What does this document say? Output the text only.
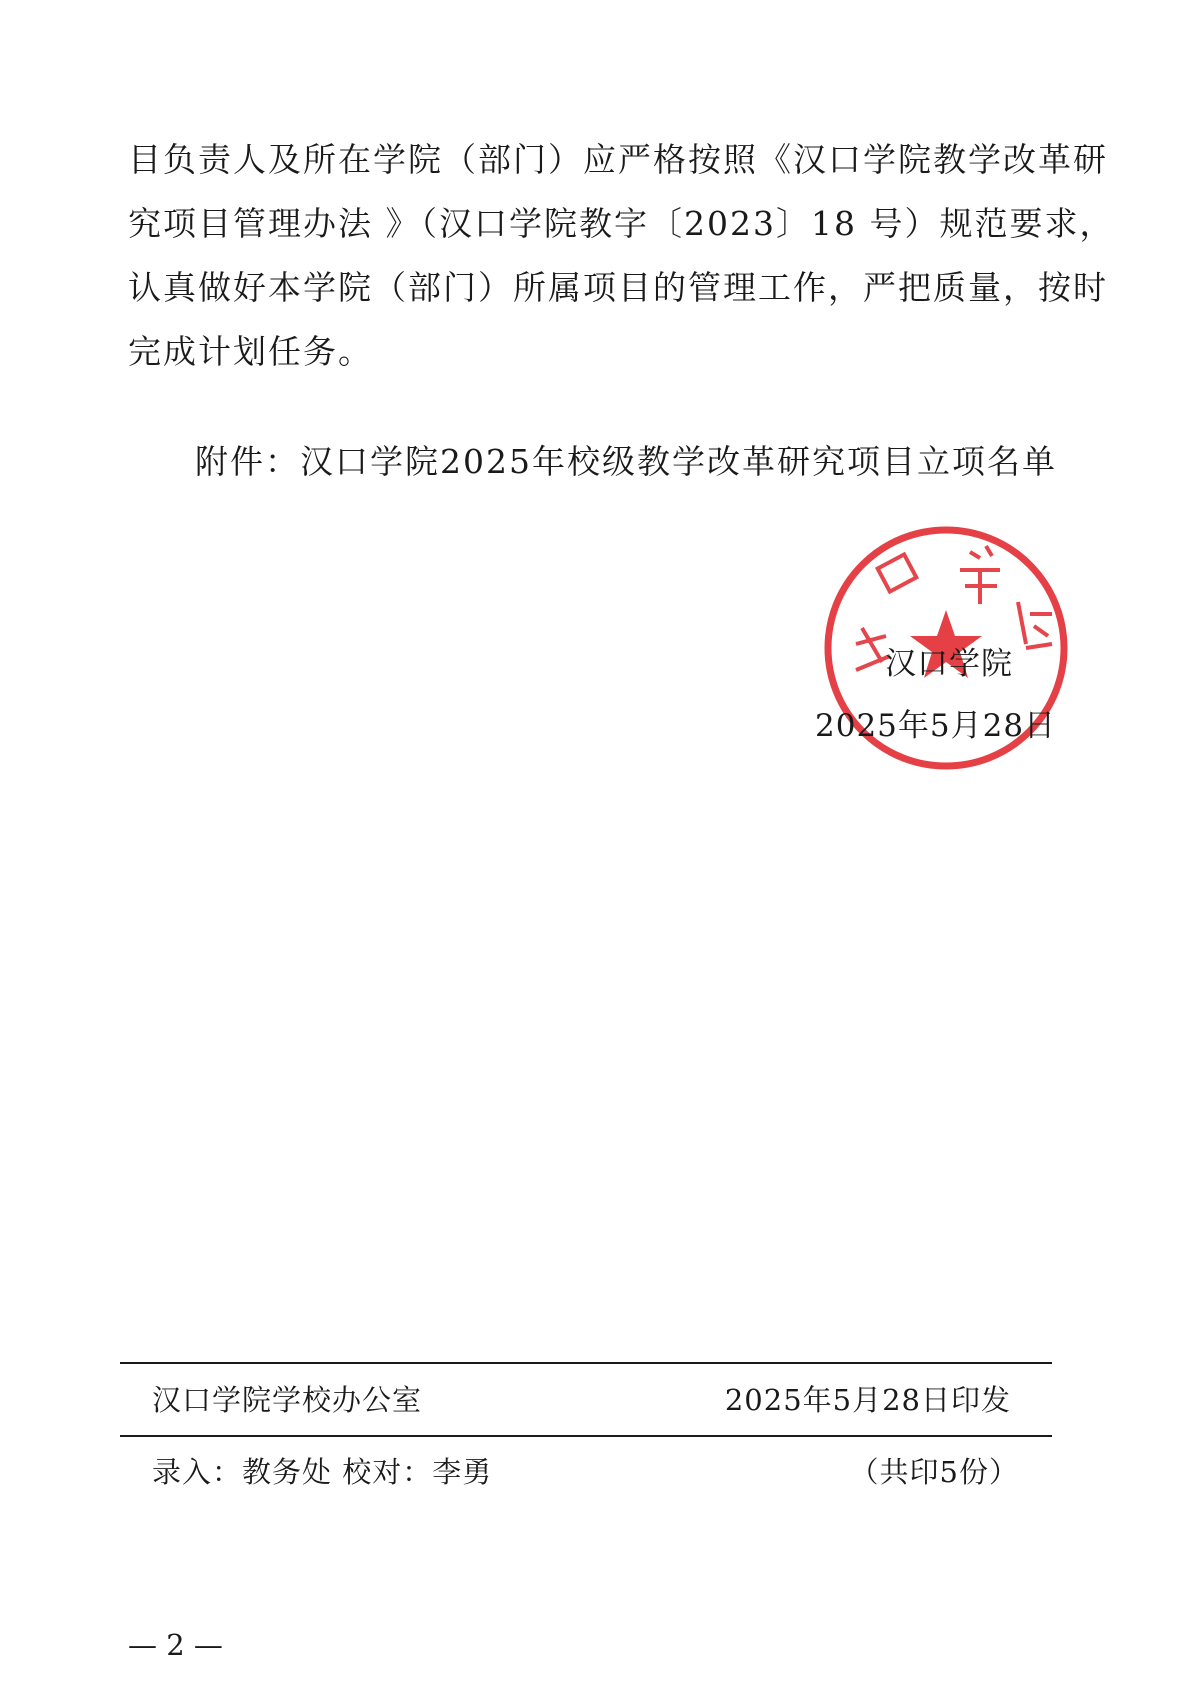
目负责人及所在学院（部门）应严格按照《汉口学院教学改革研
究项目管理办法 》（汉口学院教字〔2023〕18 号）规范要求，
认真做好本学院（部门）所属项目的管理工作，严把质量，按时
完成计划任务。
附件：汉口学院2025年校级教学改革研究项目立项名单
汉口学院
2025年5月28日
汉口学院学校办公室	2025年5月28日印发
录入：教务处 校对：李勇	（共印5份）
— 2 —
